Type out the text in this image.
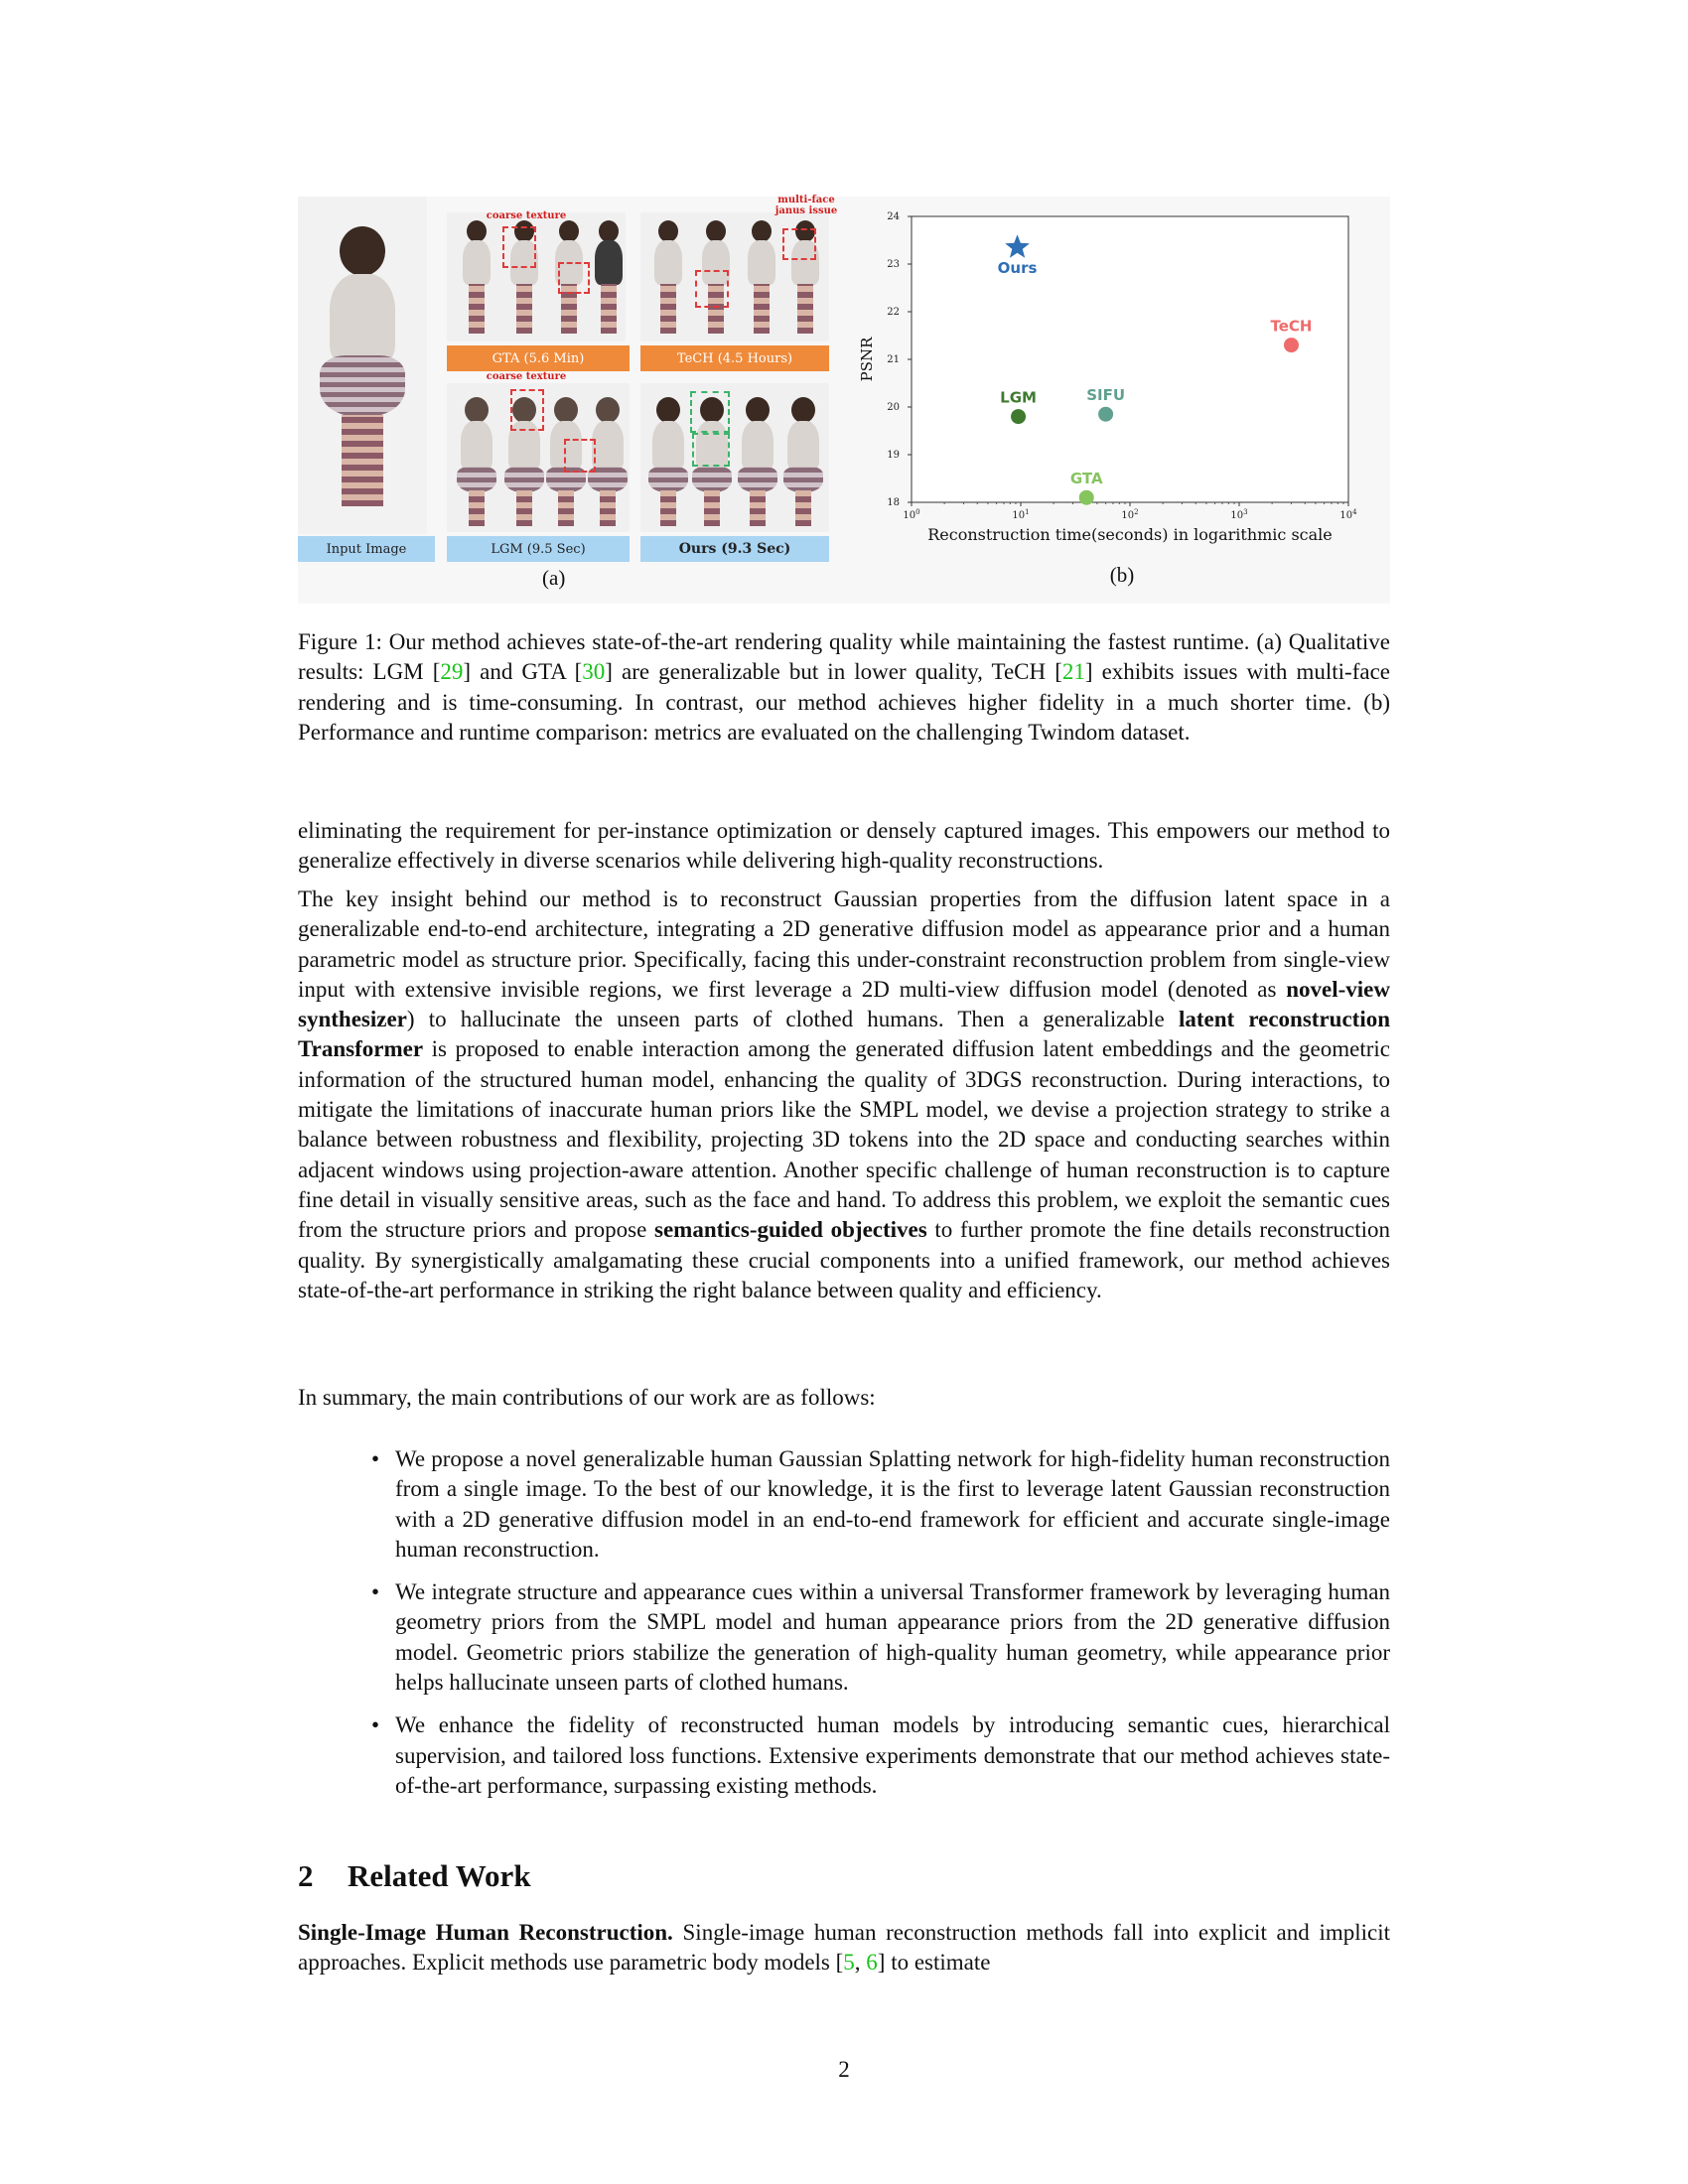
Input Image
coarse texture
GTA (5.6 Min)
multi-face
janus issue
TeCH (4.5 Hours)
coarse texture
LGM (9.5 Sec)	Ours (9.3 Sec)
(a)
18
19
20
21
22
23
24
$10^0$	$10^1$	$10^2$	$10^3$	$10^4$
Reconstruction time(seconds) in logarithmic scale
PSNR
Ours
TeCH
LGM	SIFU
GTA
(b)
Figure 1: Our method achieves state-of-the-art rendering quality while maintaining the fastest runtime. (a) Qualitative results: LGM [29] and GTA [30] are generalizable but in lower quality, TeCH [21] exhibits issues with multi-face rendering and is time-consuming. In contrast, our method achieves higher fidelity in a much shorter time. (b) Performance and runtime comparison: metrics are evaluated on the challenging Twindom dataset.
eliminating the requirement for per-instance optimization or densely captured images. This empowers our method to generalize effectively in diverse scenarios while delivering high-quality reconstructions.
The key insight behind our method is to reconstruct Gaussian properties from the diffusion latent space in a generalizable end-to-end architecture, integrating a 2D generative diffusion model as appearance prior and a human parametric model as structure prior. Specifically, facing this under-constraint reconstruction problem from single-view input with extensive invisible regions, we first leverage a 2D multi-view diffusion model (denoted as novel-view synthesizer) to hallucinate the unseen parts of clothed humans. Then a generalizable latent reconstruction Transformer is proposed to enable interaction among the generated diffusion latent embeddings and the geometric information of the structured human model, enhancing the quality of 3DGS reconstruction. During interactions, to mitigate the limitations of inaccurate human priors like the SMPL model, we devise a projection strategy to strike a balance between robustness and flexibility, projecting 3D tokens into the 2D space and conducting searches within adjacent windows using projection-aware attention. Another specific challenge of human reconstruction is to capture fine detail in visually sensitive areas, such as the face and hand. To address this problem, we exploit the semantic cues from the structure priors and propose semantics-guided objectives to further promote the fine details reconstruction quality. By synergistically amalgamating these crucial components into a unified framework, our method achieves state-of-the-art performance in striking the right balance between quality and efficiency.
In summary, the main contributions of our work are as follows:
• We propose a novel generalizable human Gaussian Splatting network for high-fidelity human reconstruction from a single image. To the best of our knowledge, it is the first to leverage latent Gaussian reconstruction with a 2D generative diffusion model in an end-to-end framework for efficient and accurate single-image human reconstruction.
• We integrate structure and appearance cues within a universal Transformer framework by leveraging human geometry priors from the SMPL model and human appearance priors from the 2D generative diffusion model. Geometric priors stabilize the generation of high-quality human geometry, while appearance prior helps hallucinate unseen parts of clothed humans.
• We enhance the fidelity of reconstructed human models by introducing semantic cues, hierarchical supervision, and tailored loss functions. Extensive experiments demonstrate that our method achieves state-of-the-art performance, surpassing existing methods.
2 Related Work
Single-Image Human Reconstruction. Single-image human reconstruction methods fall into explicit and implicit approaches. Explicit methods use parametric body models [5, 6] to estimate
2
